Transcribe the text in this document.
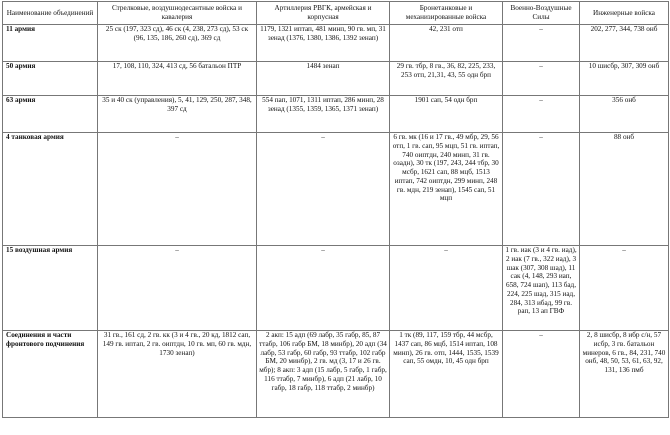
Наименование объединений	Стрелковые, воздушнодесантные войска и кавалерия	Артиллерия РВГК, армейская и корпусная	Бронетанковые и механизированные войска	Военно-Воздушные Силы	Инженерные войска
11 армия	25 ск (197, 323 сд), 46 ск (4, 238, 273 сд), 53 ск (96, 135, 186, 260 сд), 369 сд	1179, 1321 иптап, 481 минп, 90 гв. мп, 31 зенад (1376, 1380, 1386, 1392 зенап)	42, 231 отп	–	202, 277, 344, 738 онб
50 армия	17, 108, 110, 324, 413 сд, 56 батальон ПТР	1484 зенап	29 гв. тбр, 8 гв., 36, 82, 225, 233, 253 отп, 21,31, 43, 55 одн брп	–	10 шисбр, 307, 309 онб
63 армия	35 и 40 ск (управления), 5, 41, 129, 250, 287, 348, 397 сд	554 пап, 1071, 1311 иптап, 286 минп, 28 зенад (1355, 1359, 1365, 1371 зенап)	1901 сап, 54 одн брп	–	356 онб
4 танковая армия	–	–	6 гв. мк (16 и 17 гв., 49 мбр, 29, 56 отп, 1 гв. сап, 95 мцп, 51 гв. иптап, 740 оиптдн, 240 минп, 31 гв. озадн), 30 тк (197, 243, 244 тбр, 30 мсбр, 1621 сап, 88 мцб, 1513 иптап, 742 оиптдн, 299 минп, 248 гв. мдн, 219 зенап), 1545 сап, 51 мцп	–	88 онб
15 воздушная армия	–	–	–	1 гв. иак (3 и 4 гв. иад), 2 иак (7 гв., 322 иад), 3 шак (307, 308 шад), 11 сак (4, 148, 293 иап, 658, 724 шап), 113 бад, 224, 225 шад, 315 иад, 284, 313 ибад, 99 гв. рап, 13 ап ГВФ	–
Соединения и части фронтового подчинения	31 гв., 161 сд, 2 гв. кк (3 и 4 гв., 20 кд, 1812 сап, 149 гв. иптап, 2 гв. оиптдн, 10 гв. мп, 60 гв. мдн, 1730 зенап)	2 акп: 15 адп (69 лабр, 35 габр, 85, 87 ттабр, 106 габр БМ, 18 минбр), 20 адп (34 лабр, 53 габр, 60 габр, 93 ттабр, 102 габр БМ, 20 минбр), 2 гв. мд (3, 17 и 26 гв. мбр); 8 акп: 3 адп (15 лабр, 5 габр, 1 габр, 116 ттабр, 7 минбр), 6 адп (21 лабр, 10 габр, 18 габр, 118 ттабр, 2 минбр)	1 тк (89, 117, 159 тбр, 44 мсбр, 1437 сап, 86 мцб, 1514 иптап, 108 минп), 26 гв. отп, 1444, 1535, 1539 сап, 55 омдн, 10, 45 одн брп	–	2, 8 шисбр, 8 ибр с/н, 57 исбр, 3 гв. батальон минеров, 6 гв., 84, 231, 740 онб, 48, 50, 53, 61, 63, 92, 131, 136 пмб
